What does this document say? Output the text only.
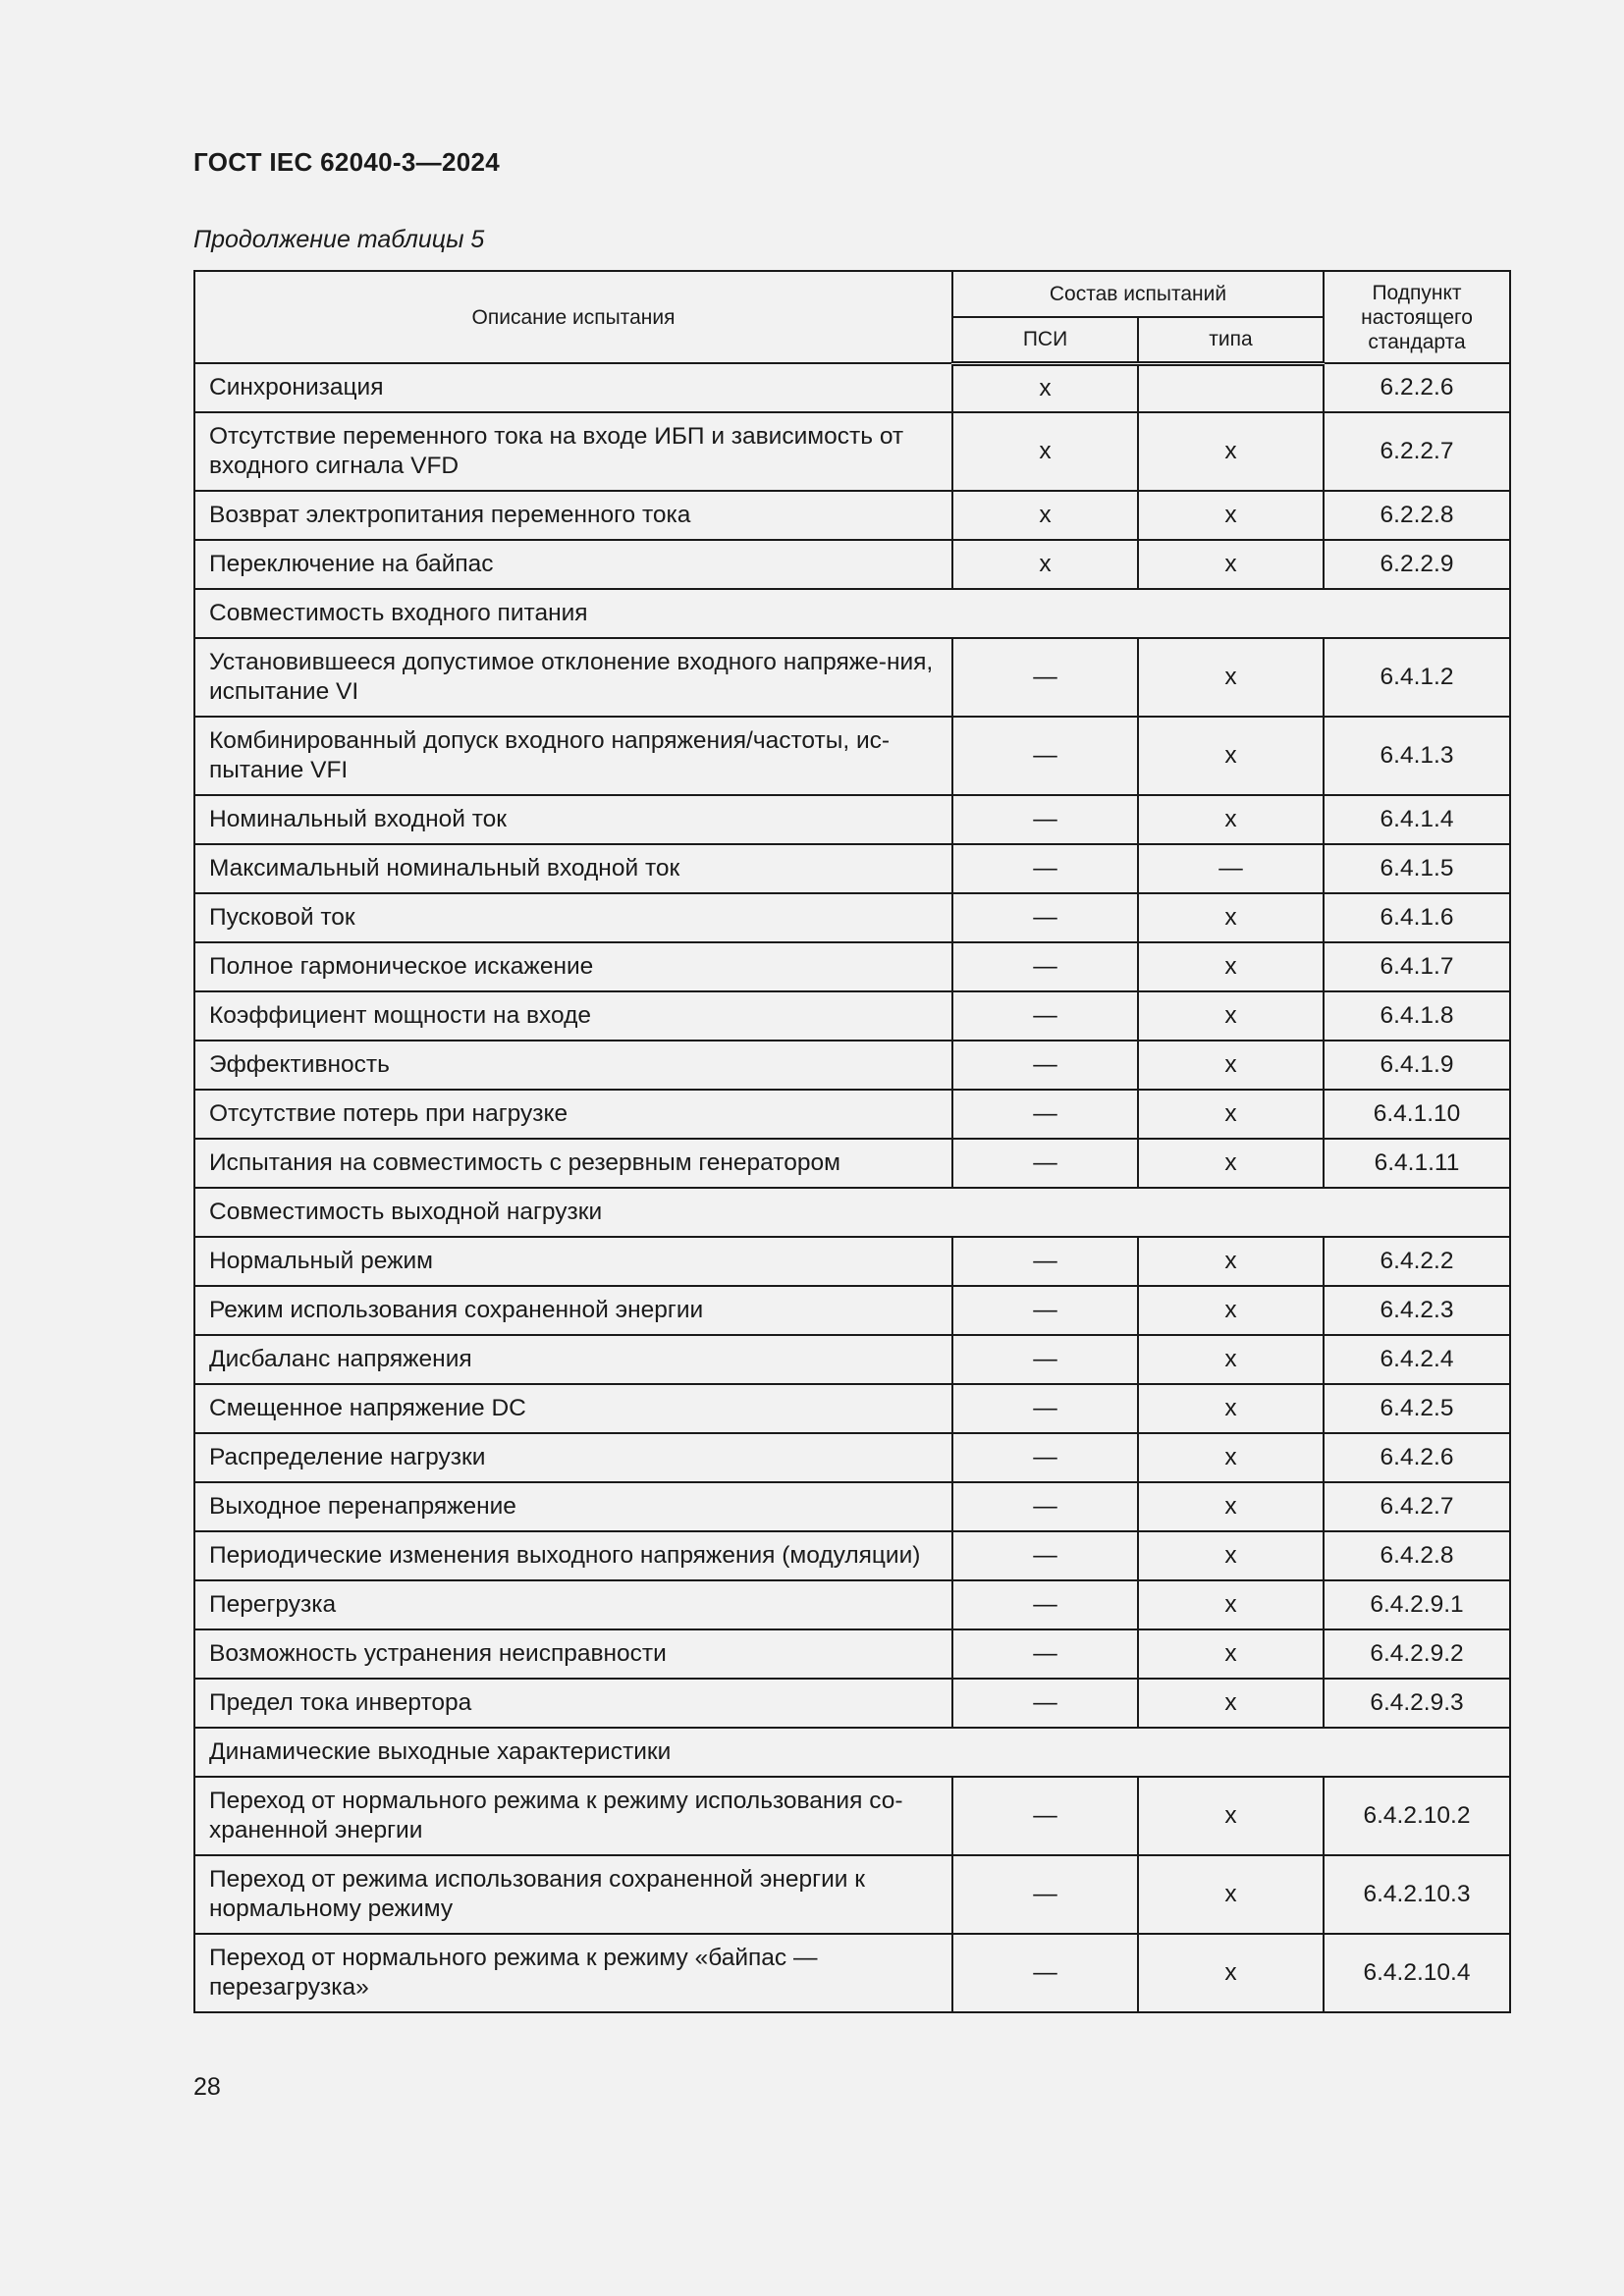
ГОСТ IEC 62040-3—2024
Продолжение таблицы 5
Описание испытания	Состав испытаний		Подпункт настоящего стандарта
	ПСИ	типа	
Синхронизация	х		6.2.2.6
Отсутствие переменного тока на входе ИБП и зависимость от входного сигнала VFD	х	х	6.2.2.7
Возврат электропитания переменного тока	х	х	6.2.2.8
Переключение на байпас	х	х	6.2.2.9
Совместимость входного питания			
Установившееся допустимое отклонение входного напряже-ния, испытание VI	—	х	6.4.1.2
Комбинированный допуск входного напряжения/частоты, ис-пытание VFI	—	х	6.4.1.3
Номинальный входной ток	—	х	6.4.1.4
Максимальный номинальный входной ток	—	—	6.4.1.5
Пусковой ток	—	х	6.4.1.6
Полное гармоническое искажение	—	х	6.4.1.7
Коэффициент мощности на входе	—	х	6.4.1.8
Эффективность	—	х	6.4.1.9
Отсутствие потерь при нагрузке	—	х	6.4.1.10
Испытания на совместимость с резервным генератором	—	х	6.4.1.11
Совместимость выходной нагрузки			
Нормальный режим	—	х	6.4.2.2
Режим использования сохраненной энергии	—	х	6.4.2.3
Дисбаланс напряжения	—	х	6.4.2.4
Смещенное напряжение DC	—	х	6.4.2.5
Распределение нагрузки	—	х	6.4.2.6
Выходное перенапряжение	—	х	6.4.2.7
Периодические изменения выходного напряжения (модуляции)	—	х	6.4.2.8
Перегрузка	—	х	6.4.2.9.1
Возможность устранения неисправности	—	х	6.4.2.9.2
Предел тока инвертора	—	х	6.4.2.9.3
Динамические выходные характеристики			
Переход от нормального режима к режиму использования со-храненной энергии	—	х	6.4.2.10.2
Переход от режима использования сохраненной энергии к нормальному режиму	—	х	6.4.2.10.3
Переход от нормального режима к режиму «байпас — перезагрузка»	—	х	6.4.2.10.4
28
